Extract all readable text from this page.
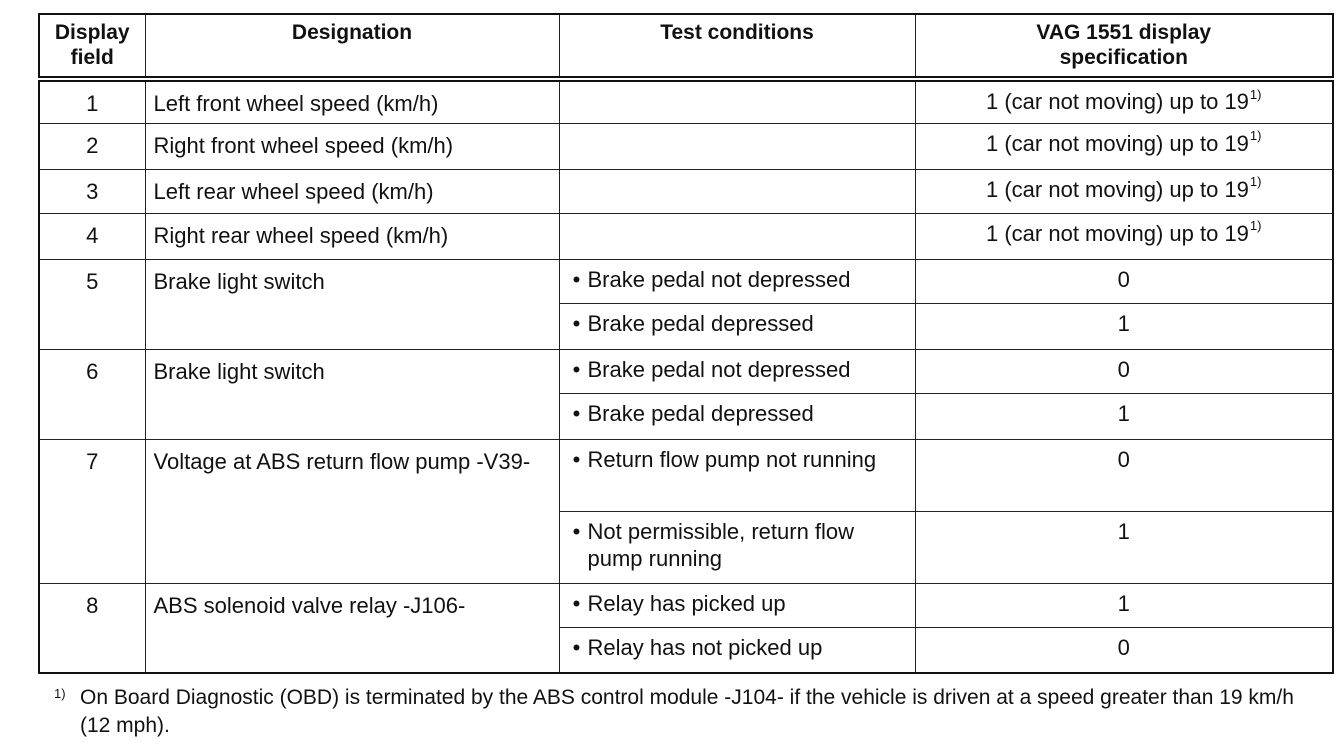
Display
field	Designation	Test conditions	VAG 1551 display
specification
1	Left front wheel speed (km/h)		1 (car not moving) up to 19$^{1)}$
2	Right front wheel speed (km/h)		1 (car not moving) up to 19$^{1)}$
3	Left rear wheel speed (km/h)		1 (car not moving) up to 19$^{1)}$
4	Right rear wheel speed (km/h)		1 (car not moving) up to 19$^{1)}$
5	Brake light switch	• Brake pedal not depressed	0
		• Brake pedal depressed	1
6	Brake light switch	• Brake pedal not depressed	0
		• Brake pedal depressed	1
7	Voltage at ABS return flow pump -V39-	• Return flow pump not running	0
		• Not permissible, return flow pump running	1
8	ABS solenoid valve relay -J106-	• Relay has picked up	1
		• Relay has not picked up	0
1) On Board Diagnostic (OBD) is terminated by the ABS control module -J104- if the vehicle is driven at a speed greater than 19 km/h (12 mph).
